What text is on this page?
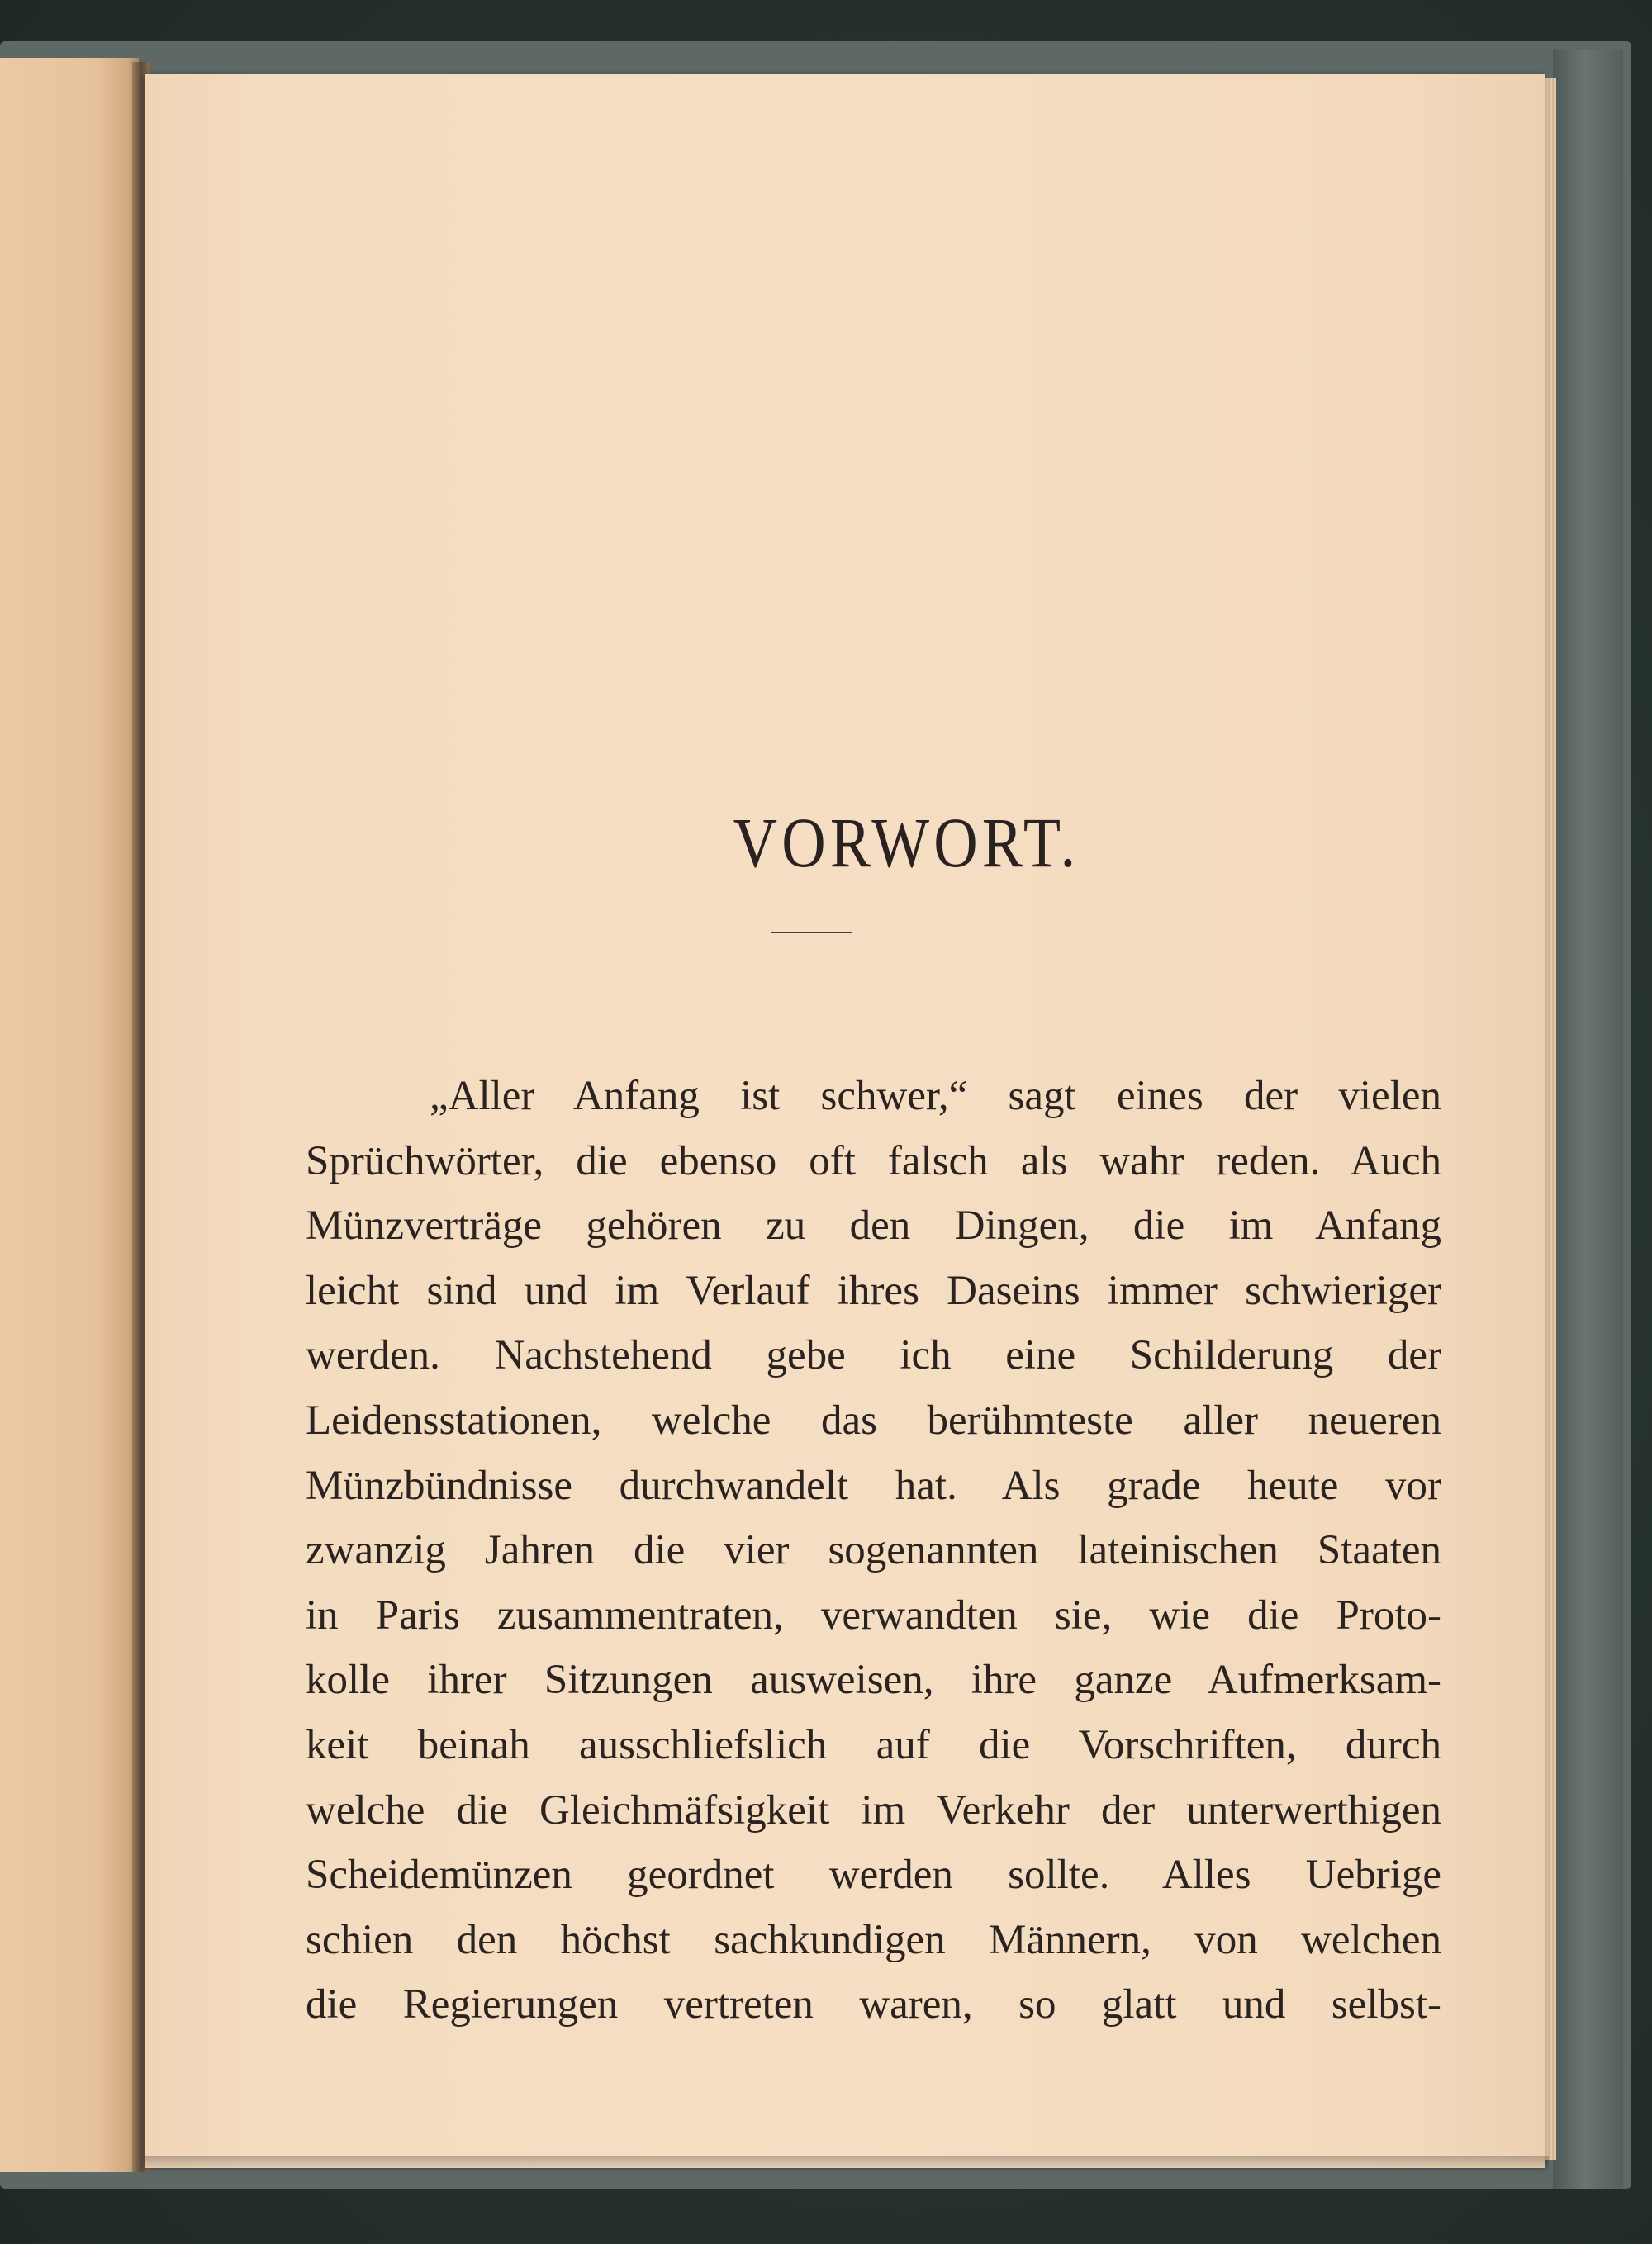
VORWORT.
„Aller Anfang ist schwer,“ sagt eines der vielen
Sprüchwörter, die ebenso oft falsch als wahr reden. Auch
Münzverträge gehören zu den Dingen, die im Anfang
leicht sind und im Verlauf ihres Daseins immer schwieriger
werden. Nachstehend gebe ich eine Schilderung der
Leidensstationen, welche das berühmteste aller neueren
Münzbündnisse durchwandelt hat. Als grade heute vor
zwanzig Jahren die vier sogenannten lateinischen Staaten
in Paris zusammentraten, verwandten sie, wie die Proto-
kolle ihrer Sitzungen ausweisen, ihre ganze Aufmerksam-
keit beinah ausschliefslich auf die Vorschriften, durch
welche die Gleichmäfsigkeit im Verkehr der unterwerthigen
Scheidemünzen geordnet werden sollte. Alles Uebrige
schien den höchst sachkundigen Männern, von welchen
die Regierungen vertreten waren, so glatt und selbst-
